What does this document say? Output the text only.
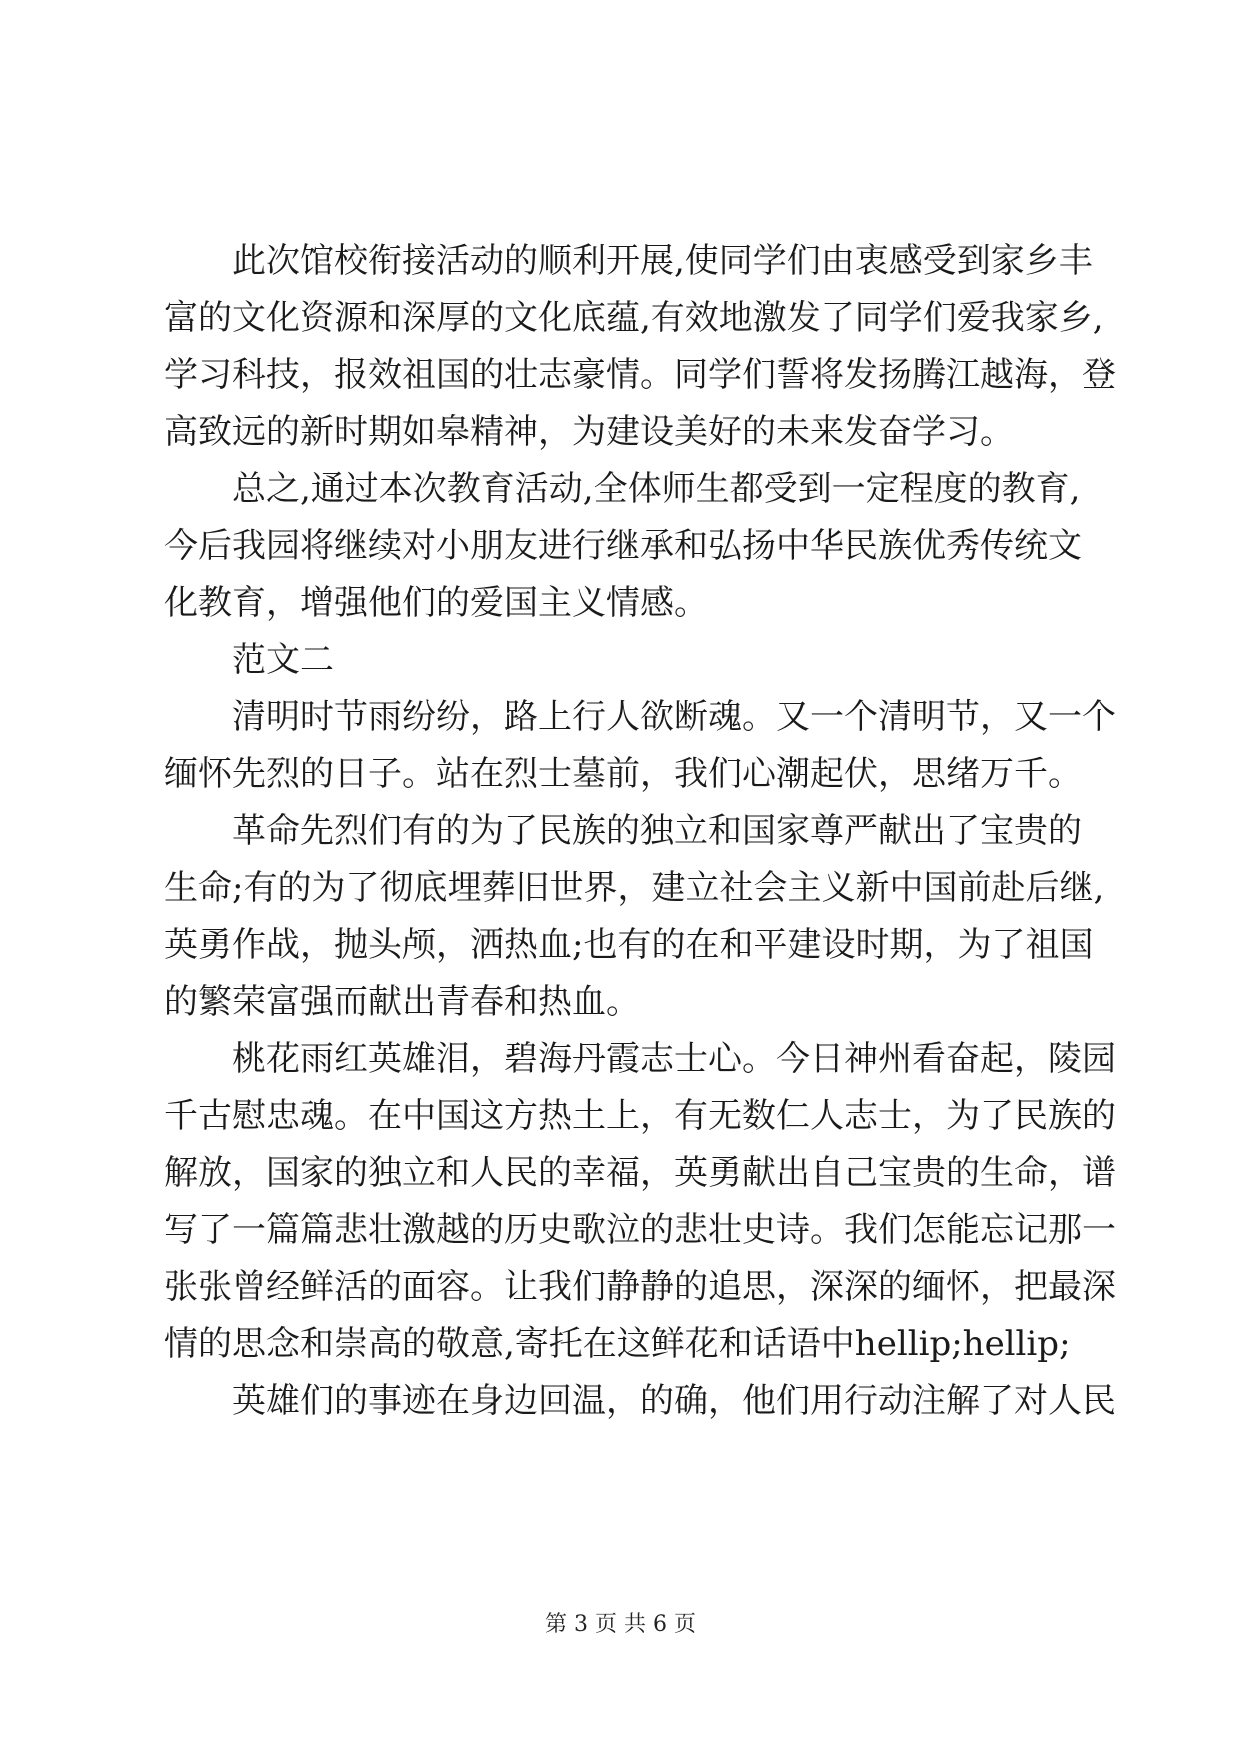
此次馆校衔接活动的顺利开展,使同学们由衷感受到家乡丰
富的文化资源和深厚的文化底蕴,有效地激发了同学们爱我家乡,
学习科技，报效祖国的壮志豪情。同学们誓将发扬腾江越海，登
高致远的新时期如皋精神，为建设美好的未来发奋学习。
总之,通过本次教育活动,全体师生都受到一定程度的教育,
今后我园将继续对小朋友进行继承和弘扬中华民族优秀传统文
化教育，增强他们的爱国主义情感。
范文二
清明时节雨纷纷，路上行人欲断魂。又一个清明节，又一个
缅怀先烈的日子。站在烈士墓前，我们心潮起伏，思绪万千。
革命先烈们有的为了民族的独立和国家尊严献出了宝贵的
生命;有的为了彻底埋葬旧世界，建立社会主义新中国前赴后继,
英勇作战，抛头颅，洒热血;也有的在和平建设时期，为了祖国
的繁荣富强而献出青春和热血。
桃花雨红英雄泪，碧海丹霞志士心。今日神州看奋起，陵园
千古慰忠魂。在中国这方热土上，有无数仁人志士，为了民族的
解放，国家的独立和人民的幸福，英勇献出自己宝贵的生命，谱
写了一篇篇悲壮激越的历史歌泣的悲壮史诗。我们怎能忘记那一
张张曾经鲜活的面容。让我们静静的追思，深深的缅怀，把最深
情的思念和崇高的敬意,寄托在这鲜花和话语中hellip;hellip;
英雄们的事迹在身边回温，的确，他们用行动注解了对人民
第 3 页 共 6 页
